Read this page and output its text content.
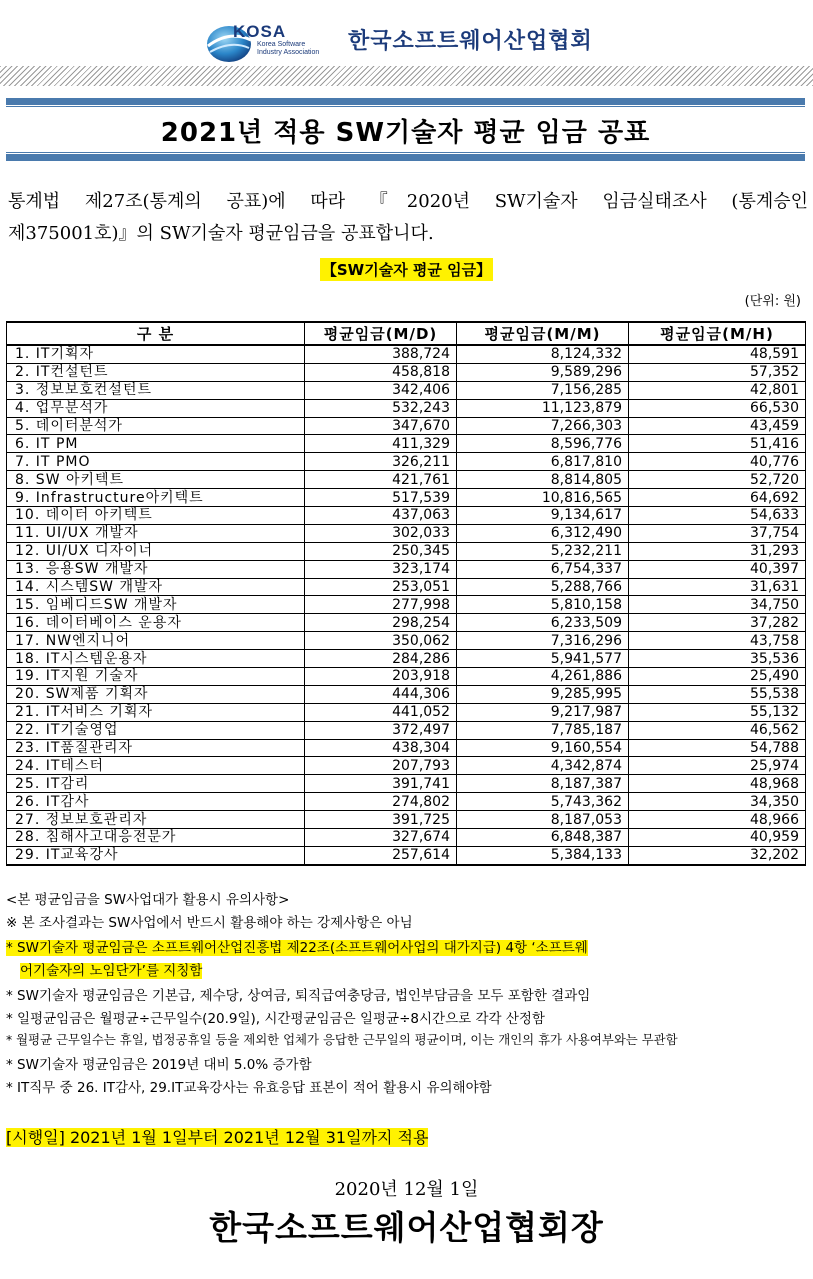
KOSA
Korea Software
Industry Association 한국소프트웨어산업협회
2021년 적용 SW기술자 평균 임금 공표
통계법 제27조(통계의 공표)에 따라 『2020년 SW기술자 임금실태조사 (통계승인
제375001호)』의 SW기술자 평균임금을 공표합니다.
【SW기술자 평균 임금】
(단위: 원)
구 분	평균임금(M/D)	평균임금(M/M)	평균임금(M/H)
1. IT기획자	388,724	8,124,332	48,591
2. IT컨설턴트	458,818	9,589,296	57,352
3. 정보보호컨설턴트	342,406	7,156,285	42,801
4. 업무분석가	532,243	11,123,879	66,530
5. 데이터분석가	347,670	7,266,303	43,459
6. IT PM	411,329	8,596,776	51,416
7. IT PMO	326,211	6,817,810	40,776
8. SW 아키텍트	421,761	8,814,805	52,720
9. Infrastructure아키텍트	517,539	10,816,565	64,692
10. 데이터 아키텍트	437,063	9,134,617	54,633
11. UI/UX 개발자	302,033	6,312,490	37,754
12. UI/UX 디자이너	250,345	5,232,211	31,293
13. 응용SW 개발자	323,174	6,754,337	40,397
14. 시스템SW 개발자	253,051	5,288,766	31,631
15. 임베디드SW 개발자	277,998	5,810,158	34,750
16. 데이터베이스 운용자	298,254	6,233,509	37,282
17. NW엔지니어	350,062	7,316,296	43,758
18. IT시스템운용자	284,286	5,941,577	35,536
19. IT지원 기술자	203,918	4,261,886	25,490
20. SW제품 기획자	444,306	9,285,995	55,538
21. IT서비스 기획자	441,052	9,217,987	55,132
22. IT기술영업	372,497	7,785,187	46,562
23. IT품질관리자	438,304	9,160,554	54,788
24. IT테스터	207,793	4,342,874	25,974
25. IT감리	391,741	8,187,387	48,968
26. IT감사	274,802	5,743,362	34,350
27. 정보보호관리자	391,725	8,187,053	48,966
28. 침해사고대응전문가	327,674	6,848,387	40,959
29. IT교육강사	257,614	5,384,133	32,202
<본 평균임금을 SW사업대가 활용시 유의사항>
※ 본 조사결과는 SW사업에서 반드시 활용해야 하는 강제사항은 아님
* SW기술자 평균임금은 소프트웨어산업진흥법 제22조(소프트웨어사업의 대가지급) 4항 ‘소프트웨
어기술자의 노임단가’를 지칭함
* SW기술자 평균임금은 기본급, 제수당, 상여금, 퇴직급여충당금, 법인부담금을 모두 포함한 결과임
* 일평균임금은 월평균÷근무일수(20.9일), 시간평균임금은 일평균÷8시간으로 각각 산정함
* 월평균 근무일수는 휴일, 법정공휴일 등을 제외한 업체가 응답한 근무일의 평균이며, 이는 개인의 휴가 사용여부와는 무관함
* SW기술자 평균임금은 2019년 대비 5.0% 증가함
* IT직무 중 26. IT감사, 29.IT교육강사는 유효응답 표본이 적어 활용시 유의해야함
[시행일] 2021년 1월 1일부터 2021년 12월 31일까지 적용
2020년 12월 1일
한국소프트웨어산업협회장
